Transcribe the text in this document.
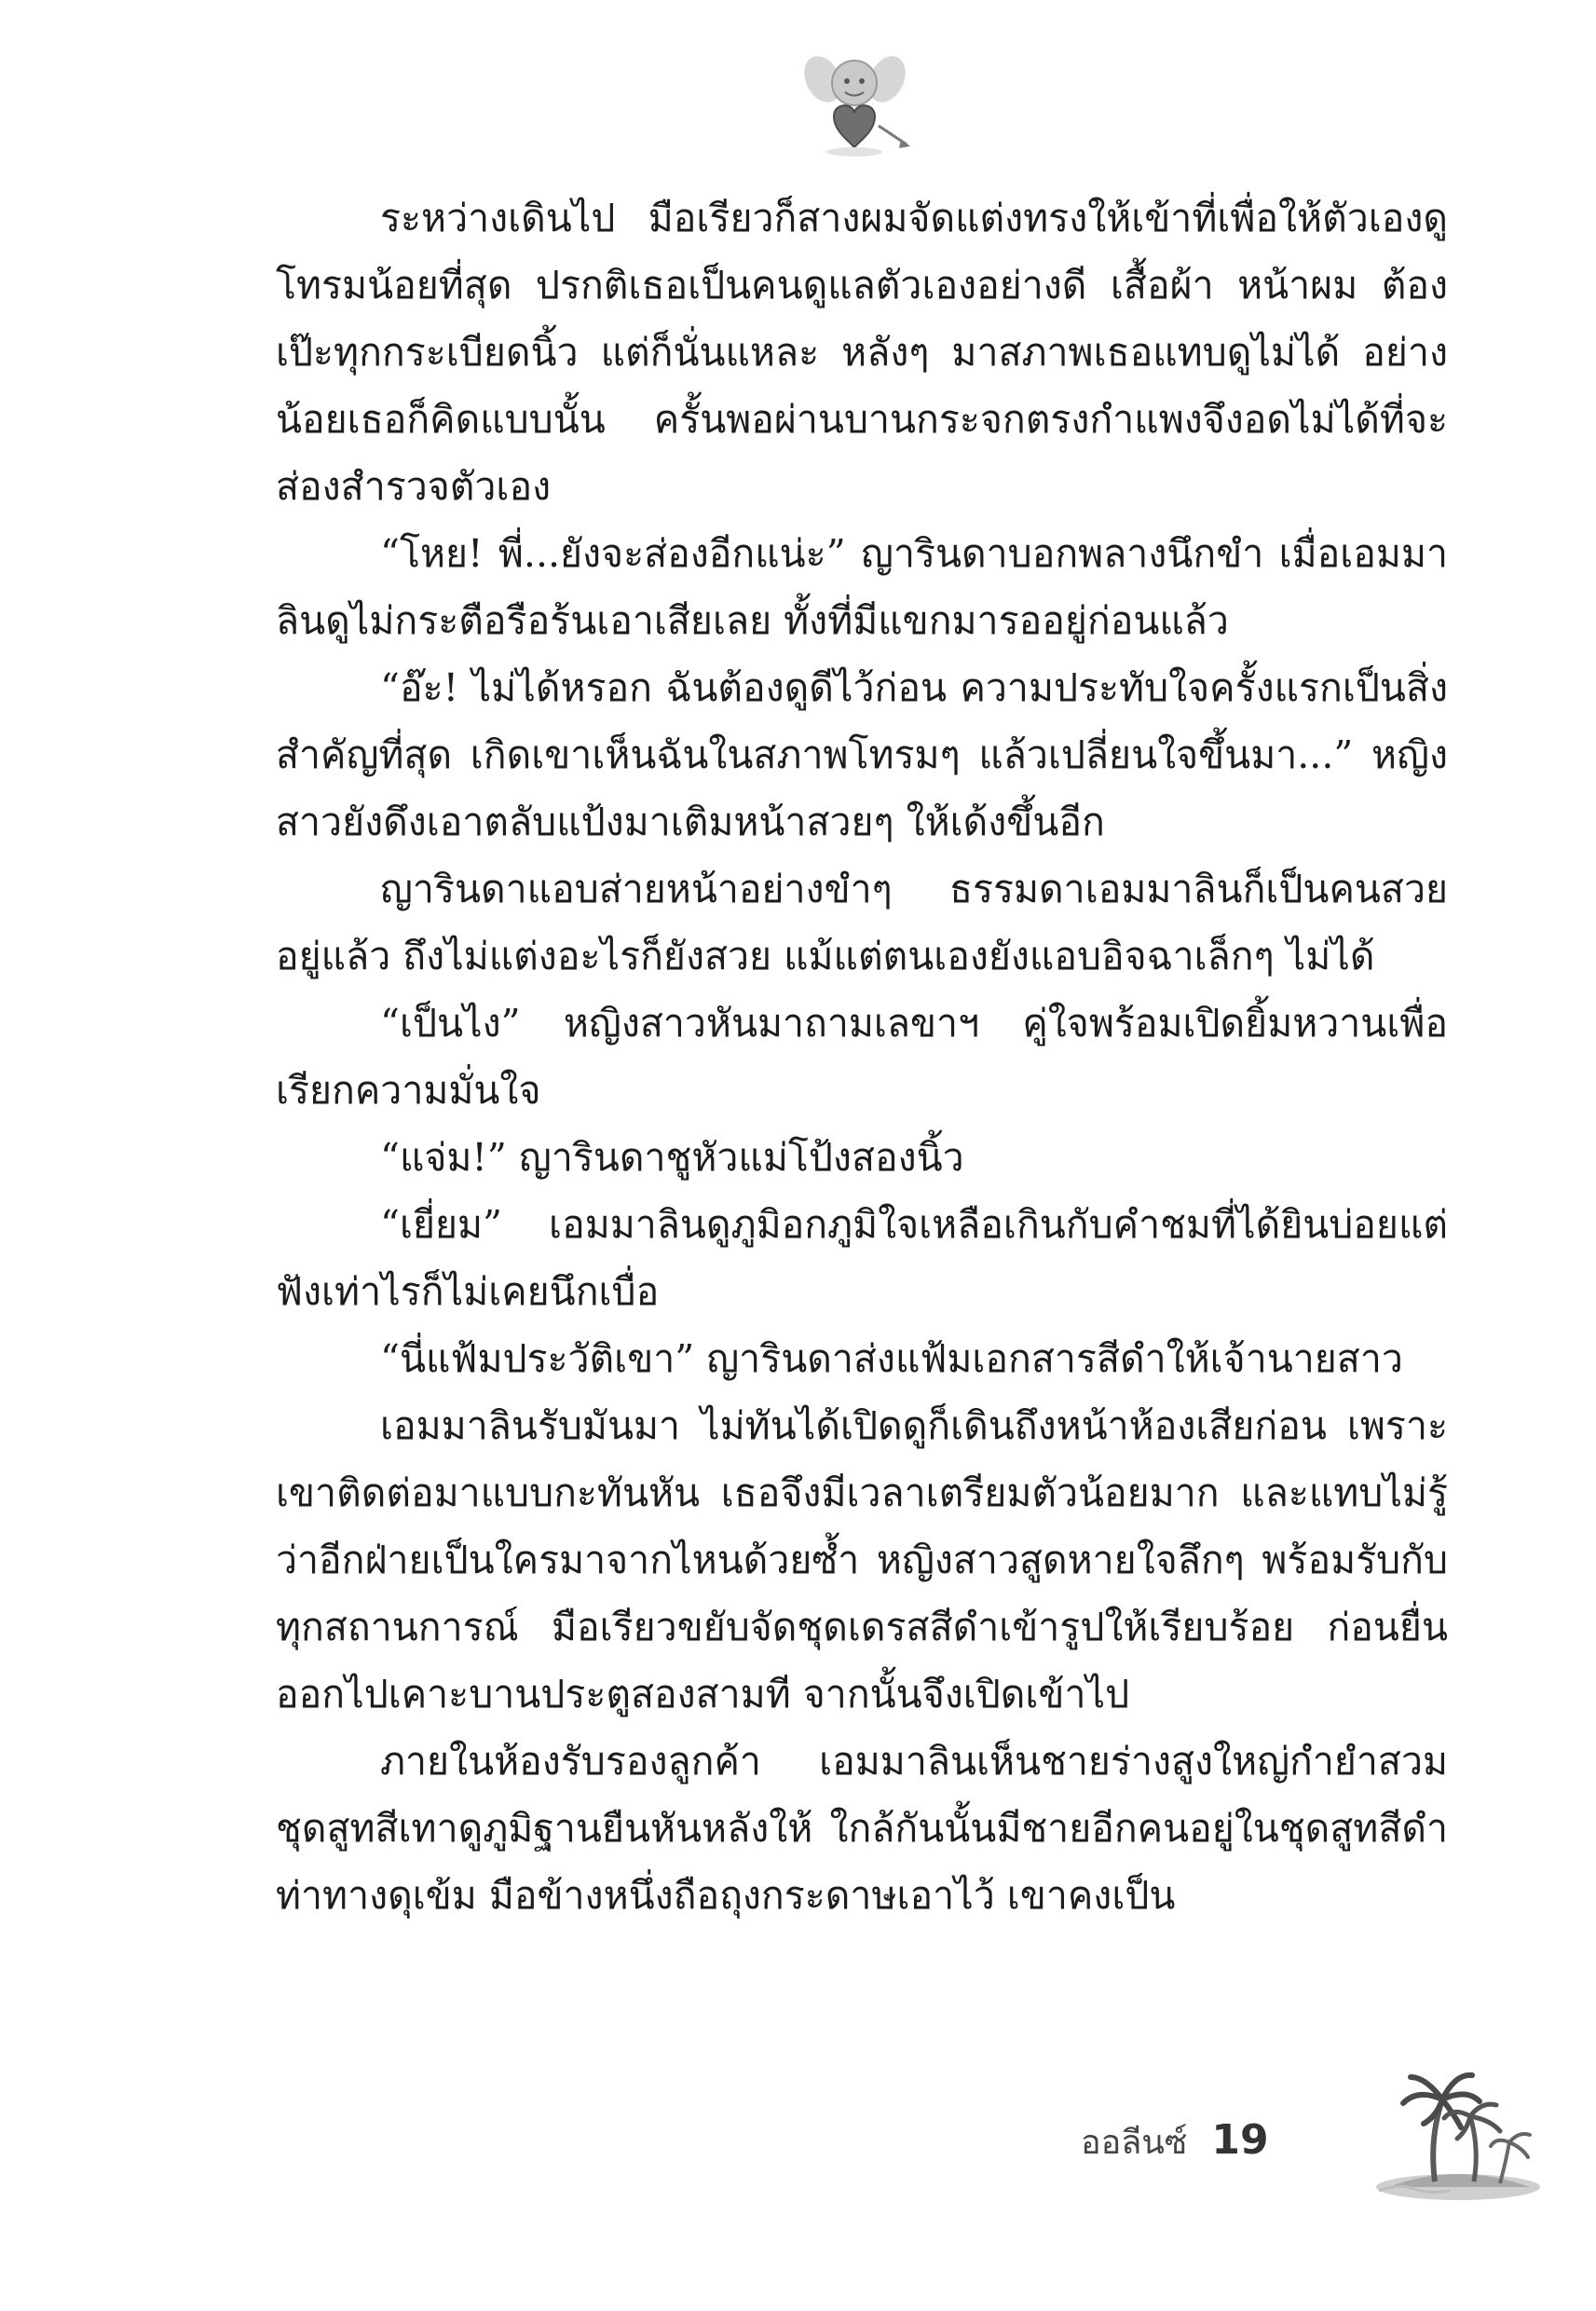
ระหว่างเดินไป มือเรียวก็สางผมจัดแต่งทรงให้เข้าที่เพื่อให้ตัวเองดูโทรมน้อยที่สุด ปรกติเธอเป็นคนดูแลตัวเองอย่างดี เสื้อผ้า หน้าผม ต้องเป๊ะทุกกระเบียดนิ้ว แต่ก็นั่นแหละ หลังๆ มาสภาพเธอแทบดูไม่ได้ อย่างน้อยเธอก็คิดแบบนั้น ครั้นพอผ่านบานกระจกตรงกำแพงจึงอดไม่ได้ที่จะส่องสำรวจตัวเอง

“โหย! พี่...ยังจะส่องอีกแน่ะ” ญารินดาบอกพลางนึกขำ เมื่อเอมมาลินดูไม่กระตือรือร้นเอาเสียเลย ทั้งที่มีแขกมารออยู่ก่อนแล้ว

“อ๊ะ! ไม่ได้หรอก ฉันต้องดูดีไว้ก่อน ความประทับใจครั้งแรกเป็นสิ่งสำคัญที่สุด เกิดเขาเห็นฉันในสภาพโทรมๆ แล้วเปลี่ยนใจขึ้นมา...” หญิงสาวยังดึงเอาตลับแป้งมาเติมหน้าสวยๆ ให้เด้งขึ้นอีก

ญารินดาแอบส่ายหน้าอย่างขำๆ ธรรมดาเอมมาลินก็เป็นคนสวยอยู่แล้ว ถึงไม่แต่งอะไรก็ยังสวย แม้แต่ตนเองยังแอบอิจฉาเล็กๆ ไม่ได้

“เป็นไง” หญิงสาวหันมาถามเลขาฯ คู่ใจพร้อมเปิดยิ้มหวานเพื่อเรียกความมั่นใจ

“แจ่ม!” ญารินดาชูหัวแม่โป้งสองนิ้ว

“เยี่ยม” เอมมาลินดูภูมิอกภูมิใจเหลือเกินกับคำชมที่ได้ยินบ่อยแต่ฟังเท่าไรก็ไม่เคยนึกเบื่อ

“นี่แฟ้มประวัติเขา” ญารินดาส่งแฟ้มเอกสารสีดำให้เจ้านายสาว

เอมมาลินรับมันมา ไม่ทันได้เปิดดูก็เดินถึงหน้าห้องเสียก่อน เพราะเขาติดต่อมาแบบกะทันหัน เธอจึงมีเวลาเตรียมตัวน้อยมาก และแทบไม่รู้ว่าอีกฝ่ายเป็นใครมาจากไหนด้วยซ้ำ หญิงสาวสูดหายใจลึกๆ พร้อมรับกับทุกสถานการณ์ มือเรียวขยับจัดชุดเดรสสีดำเข้ารูปให้เรียบร้อย ก่อนยื่นออกไปเคาะบานประตูสองสามที จากนั้นจึงเปิดเข้าไป

ภายในห้องรับรองลูกค้า เอมมาลินเห็นชายร่างสูงใหญ่กำยำสวมชุดสูทสีเทาดูภูมิฐานยืนหันหลังให้ ใกล้กันนั้นมีชายอีกคนอยู่ในชุดสูทสีดำท่าทางดุเข้ม มือข้างหนึ่งถือถุงกระดาษเอาไว้ เขาคงเป็น

ออลีนซ์ 19
